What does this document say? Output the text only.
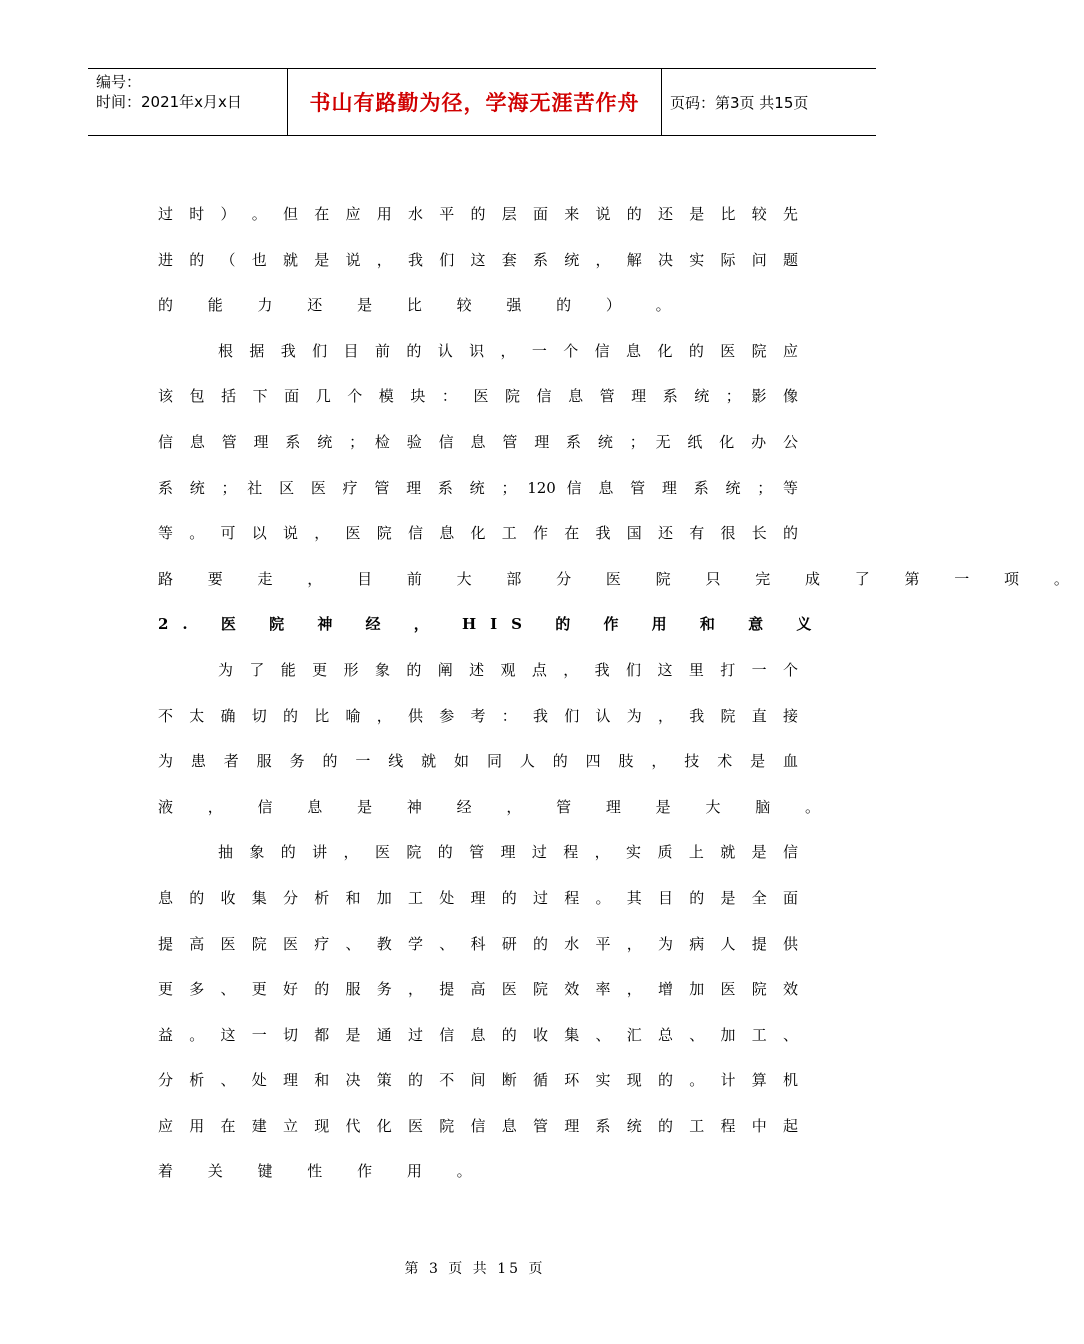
编号：
时间：2021年x月x日	书山有路勤为径，学海无涯苦作舟 页码：第3页 共15页
过 时 ） 。 但 在 应 用 水 平 的 层 面 来 说 的 还 是 比 较 先
进 的 （ 也 就 是 说 ， 我 们 这 套 系 统 ， 解 决 实 际 问 题
的 能 力 还 是 比 较 强 的 ） 。
根 据 我 们 目 前 的 认 识 ， 一 个 信 息 化 的 医 院 应
该 包 括 下 面 几 个 模 块 ： 医 院 信 息 管 理 系 统 ； 影 像
信 息 管 理 系 统 ； 检 验 信 息 管 理 系 统 ； 无 纸 化 办 公
系 统 ； 社 区 医 疗 管 理 系 统 ； 120 信 息 管 理 系 统 ； 等
等 。 可 以 说 ， 医 院 信 息 化 工 作 在 我 国 还 有 很 长 的
路 要 走 ， 目 前 大 部 分 医 院 只 完 成 了 第 一 项 。
2. 医 院 神 经 ， HIS 的 作 用 和 意 义
为 了 能 更 形 象 的 阐 述 观 点 ， 我 们 这 里 打 一 个
不 太 确 切 的 比 喻 ， 供 参 考 ： 我 们 认 为 ， 我 院 直 接
为 患 者 服 务 的 一 线 就 如 同 人 的 四 肢 ， 技 术 是 血
液 ， 信 息 是 神 经 ， 管 理 是 大 脑 。
抽 象 的 讲 ， 医 院 的 管 理 过 程 ， 实 质 上 就 是 信
息 的 收 集 分 析 和 加 工 处 理 的 过 程 。 其 目 的 是 全 面
提 高 医 院 医 疗 、 教 学 、 科 研 的 水 平 ， 为 病 人 提 供
更 多 、 更 好 的 服 务 ， 提 高 医 院 效 率 ， 增 加 医 院 效
益 。 这 一 切 都 是 通 过 信 息 的 收 集 、 汇 总 、 加 工 、
分 析 、 处 理 和 决 策 的 不 间 断 循 环 实 现 的 。 计 算 机
应 用 在 建 立 现 代 化 医 院 信 息 管 理 系 统 的 工 程 中 起
着 关 键 性 作 用 。
第 3 页 共 15 页
